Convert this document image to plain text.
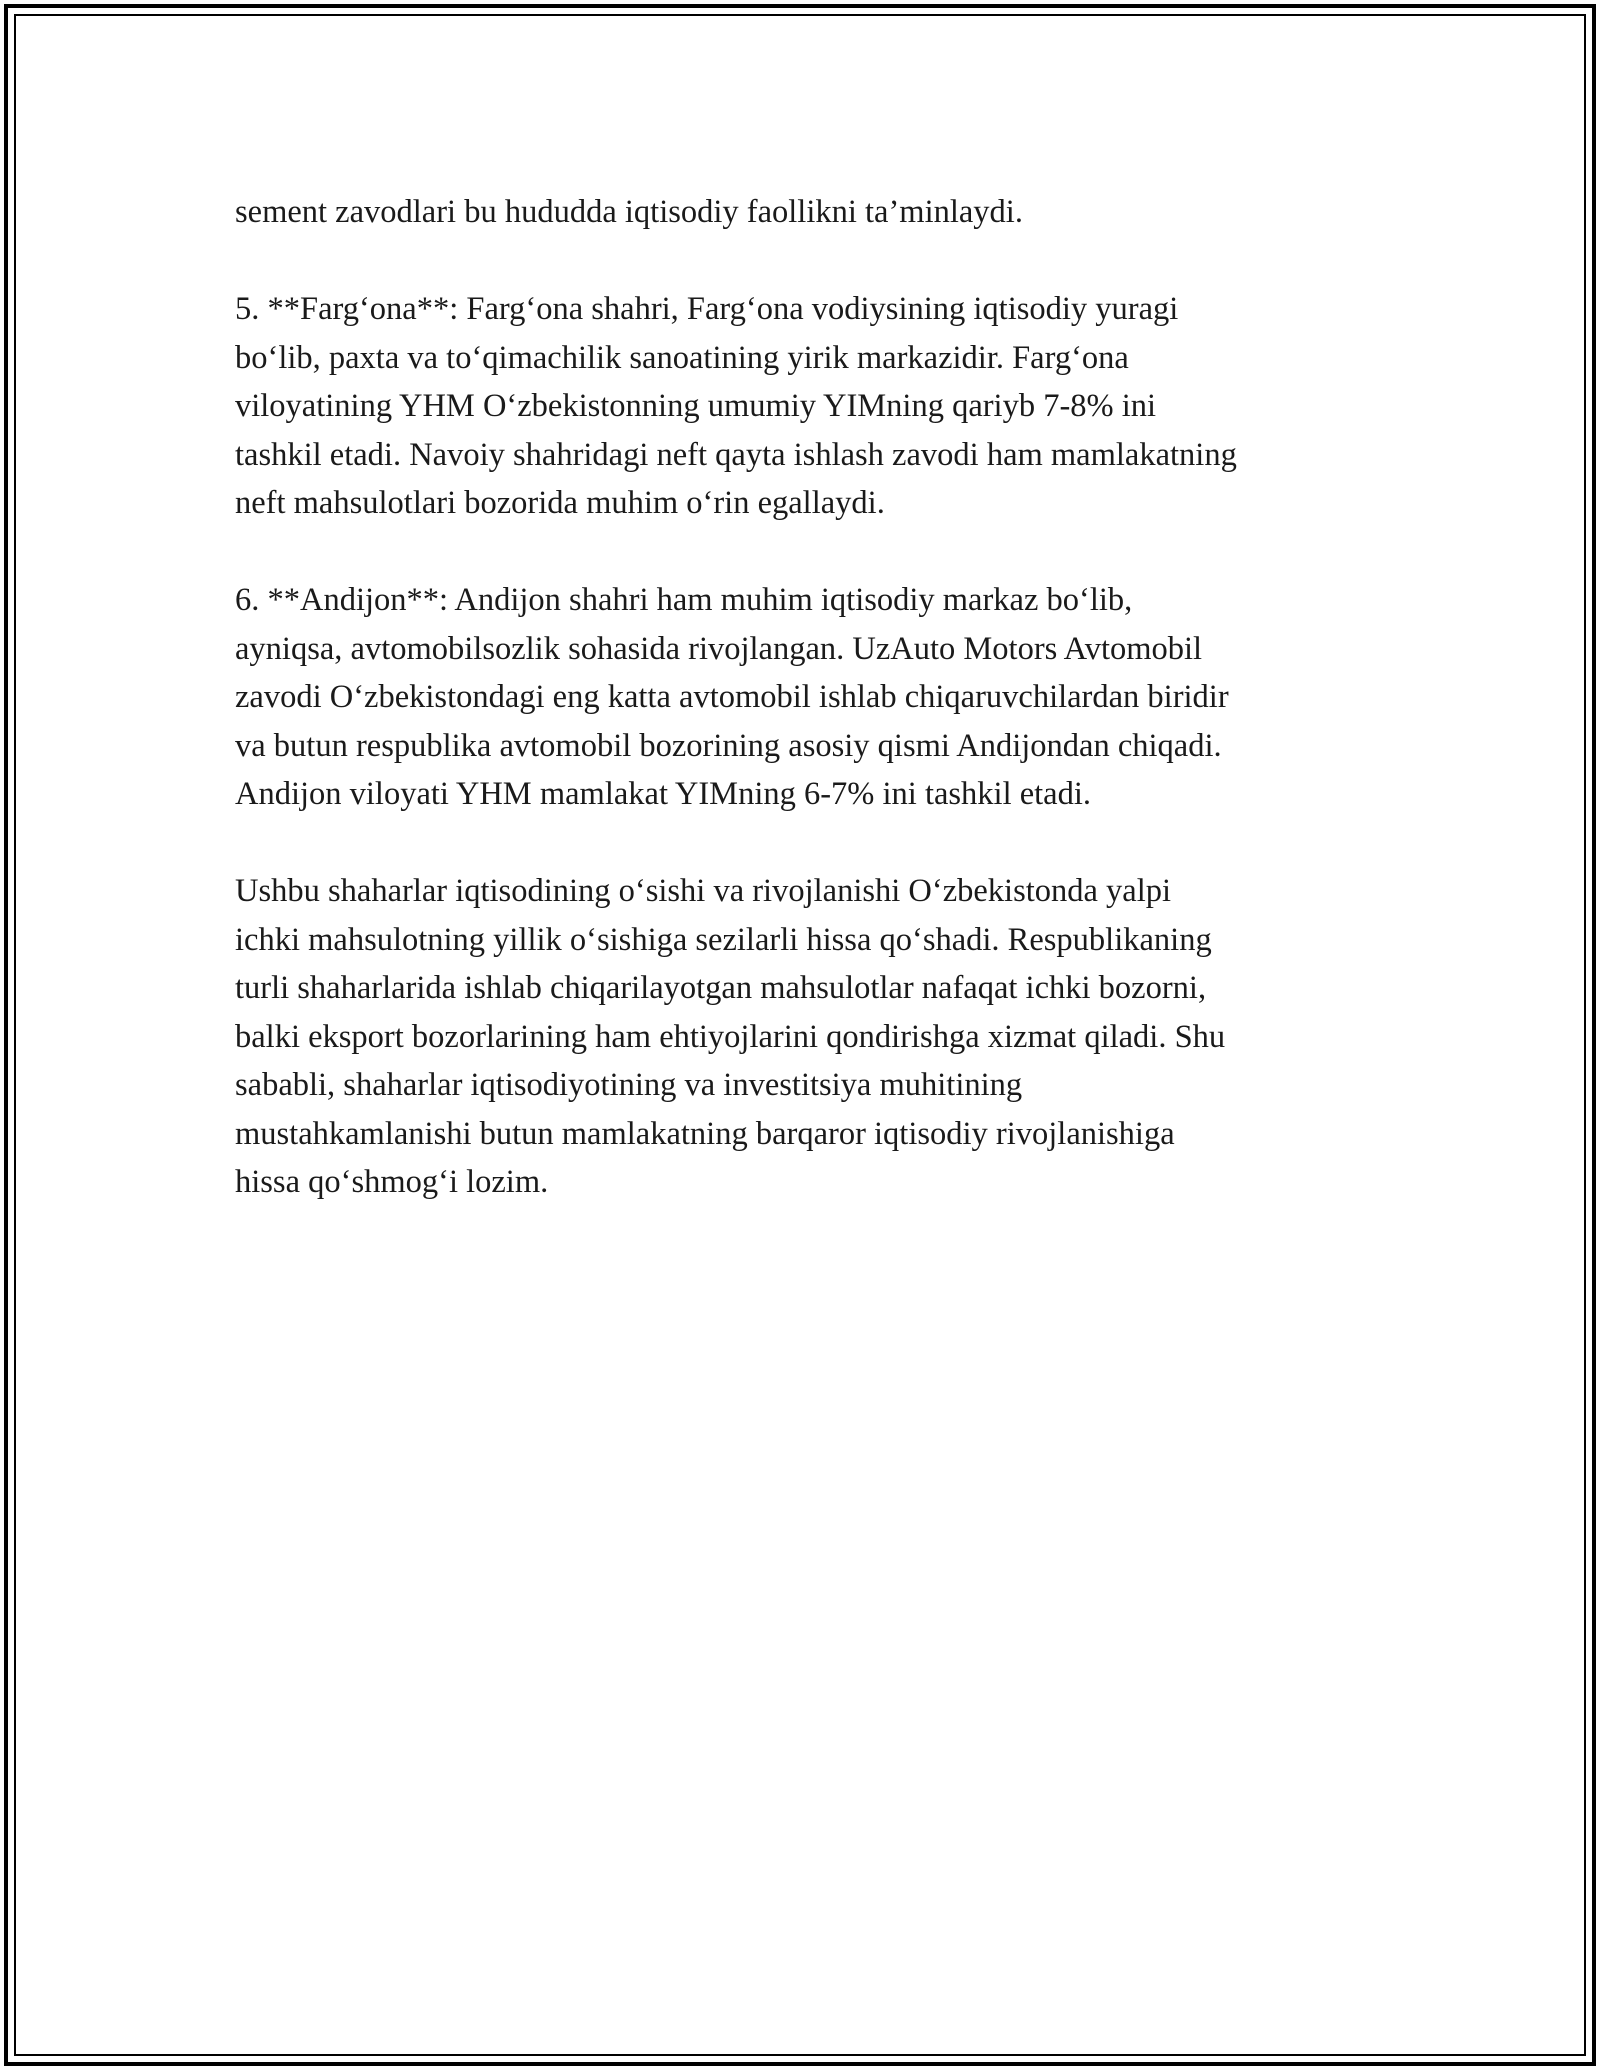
sement zavodlari bu hududda iqtisodiy faollikni ta’minlaydi.

5. **Farg‘ona**: Farg‘ona shahri, Farg‘ona vodiysining iqtisodiy yuragi
bo‘lib, paxta va to‘qimachilik sanoatining yirik markazidir. Farg‘ona
viloyatining YHM O‘zbekistonning umumiy YIMning qariyb 7-8% ini
tashkil etadi. Navoiy shahridagi neft qayta ishlash zavodi ham mamlakatning
neft mahsulotlari bozorida muhim o‘rin egallaydi.

6. **Andijon**: Andijon shahri ham muhim iqtisodiy markaz bo‘lib,
ayniqsa, avtomobilsozlik sohasida rivojlangan. UzAuto Motors Avtomobil
zavodi O‘zbekistondagi eng katta avtomobil ishlab chiqaruvchilardan biridir
va butun respublika avtomobil bozorining asosiy qismi Andijondan chiqadi.
Andijon viloyati YHM mamlakat YIMning 6-7% ini tashkil etadi.

Ushbu shaharlar iqtisodining o‘sishi va rivojlanishi O‘zbekistonda yalpi
ichki mahsulotning yillik o‘sishiga sezilarli hissa qo‘shadi. Respublikaning
turli shaharlarida ishlab chiqarilayotgan mahsulotlar nafaqat ichki bozorni,
balki eksport bozorlarining ham ehtiyojlarini qondirishga xizmat qiladi. Shu
sababli, shaharlar iqtisodiyotining va investitsiya muhitining
mustahkamlanishi butun mamlakatning barqaror iqtisodiy rivojlanishiga
hissa qo‘shmog‘i lozim.
